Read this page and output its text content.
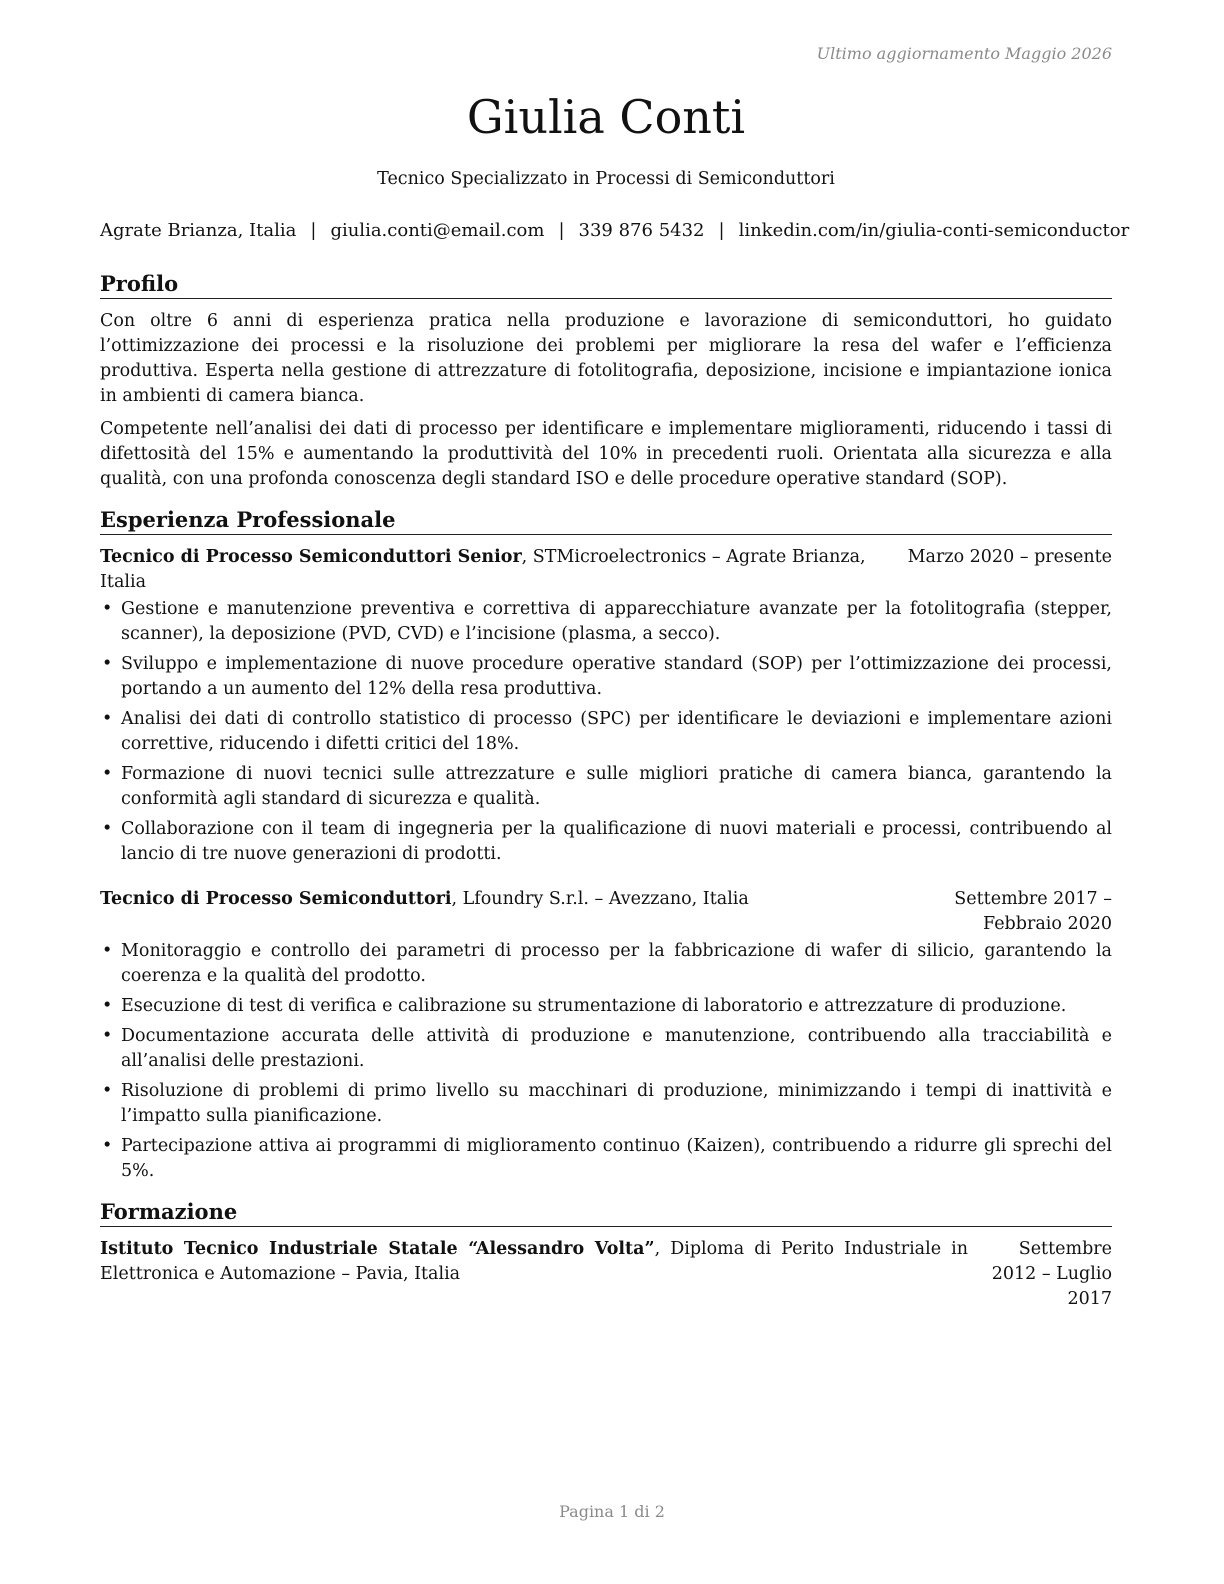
Ultimo aggiornamento Maggio 2026
Giulia Conti
Tecnico Specializzato in Processi di Semiconduttori
Agrate Brianza, Italia | giulia.conti@email.com | 339 876 5432 | linkedin.com/in/giulia-conti-semiconductor
Profilo

Con oltre 6 anni di esperienza pratica nella produzione e lavorazione di semiconduttori, ho guidato l’ottimizzazione dei processi e la risoluzione dei problemi per migliorare la resa del wafer e l’efficienza produttiva. Esperta nella gestione di attrezzature di fotolitografia, deposizione, incisione e impiantazione ionica in ambienti di camera bianca.

Competente nell’analisi dei dati di processo per identificare e implementare miglioramenti, riducendo i tassi di difettosità del 15% e aumentando la produttività del 10% in precedenti ruoli. Orientata alla sicurezza e alla qualità, con una profonda conoscenza degli standard ISO e delle procedure operative standard (SOP).

Esperienza Professionale
Tecnico di Processo Semiconduttori Senior, STMicroelectronics – Agrate Brianza, Italia
Marzo 2020 – presente
• Gestione e manutenzione preventiva e correttiva di apparecchiature avanzate per la fotolitografia (stepper, scanner), la deposizione (PVD, CVD) e l’incisione (plasma, a secco).
• Sviluppo e implementazione di nuove procedure operative standard (SOP) per l’ottimizzazione dei processi, portando a un aumento del 12% della resa produttiva.
• Analisi dei dati di controllo statistico di processo (SPC) per identificare le deviazioni e implementare azioni correttive, riducendo i difetti critici del 18%.
• Formazione di nuovi tecnici sulle attrezzature e sulle migliori pratiche di camera bianca, garantendo la conformità agli standard di sicurezza e qualità.
• Collaborazione con il team di ingegneria per la qualificazione di nuovi materiali e processi, contribuendo al lancio di tre nuove generazioni di prodotti.
Tecnico di Processo Semiconduttori, Lfoundry S.r.l. – Avezzano, Italia	Settembre 2017 – Febbraio 2020
• Monitoraggio e controllo dei parametri di processo per la fabbricazione di wafer di silicio, garantendo la coerenza e la qualità del prodotto.
• Esecuzione di test di verifica e calibrazione su strumentazione di laboratorio e attrezzature di produzione.
• Documentazione accurata delle attività di produzione e manutenzione, contribuendo alla tracciabilità e all’analisi delle prestazioni.
• Risoluzione di problemi di primo livello su macchinari di produzione, minimizzando i tempi di inattività e l’impatto sulla pianificazione.
• Partecipazione attiva ai programmi di miglioramento continuo (Kaizen), contribuendo a ridurre gli sprechi del 5%.
Formazione
Istituto Tecnico Industriale Statale “Alessandro Volta”, Diploma di Perito Industriale in Elettronica e Automazione – Pavia, Italia
Settembre 2012 – Luglio 2017
Pagina 1 di 2
